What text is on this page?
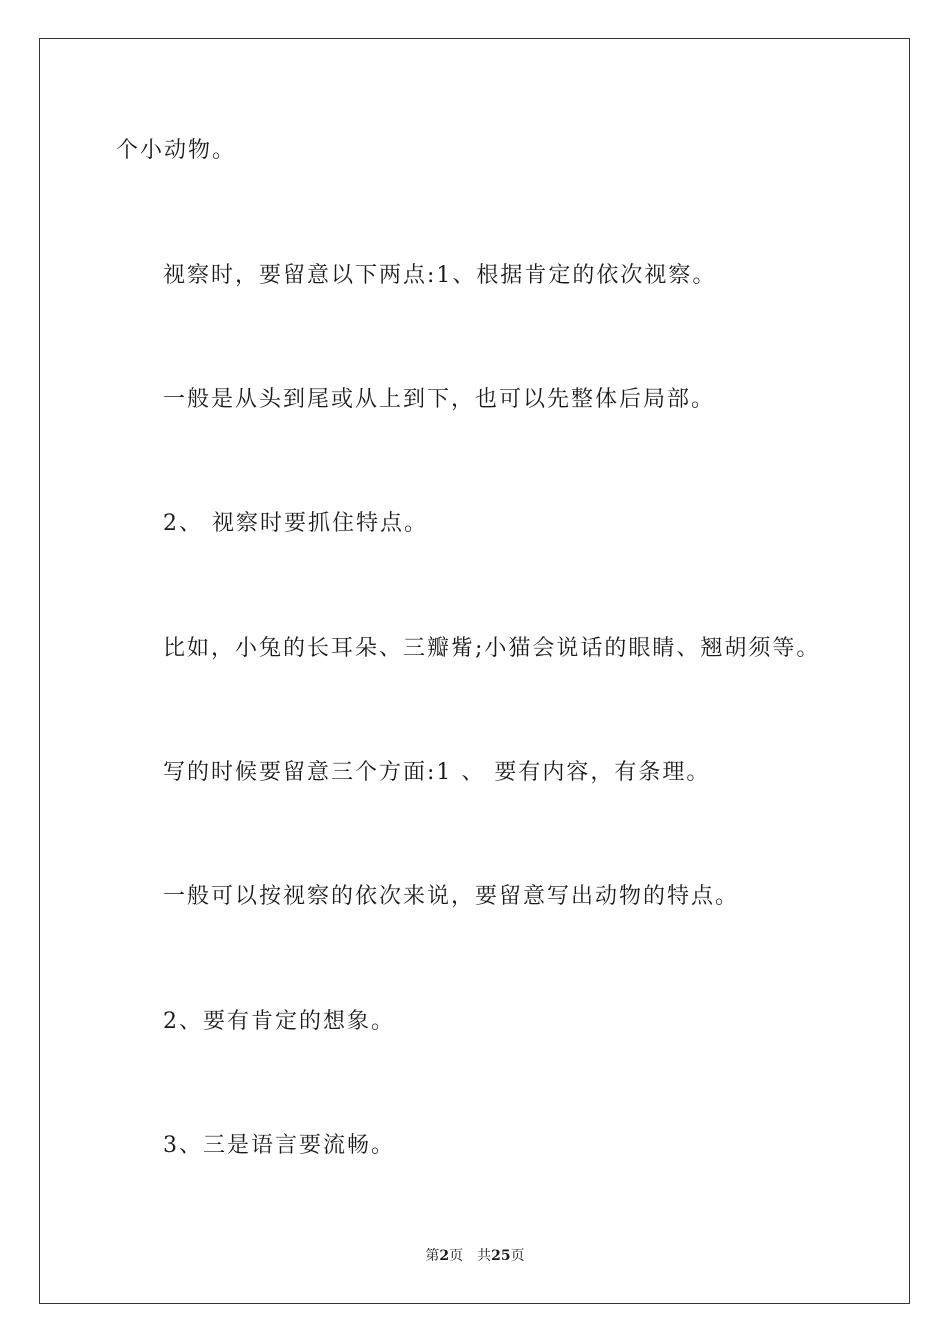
个小动物。
视察时，要留意以下两点:1、根据肯定的依次视察。
一般是从头到尾或从上到下，也可以先整体后局部。
2、 视察时要抓住特点。
比如，小兔的长耳朵、三瓣觜;小猫会说话的眼睛、翘胡须等。
写的时候要留意三个方面:1 、 要有内容，有条理。
一般可以按视察的依次来说，要留意写出动物的特点。
2、要有肯定的想象。
3、三是语言要流畅。
第2页 共25页
